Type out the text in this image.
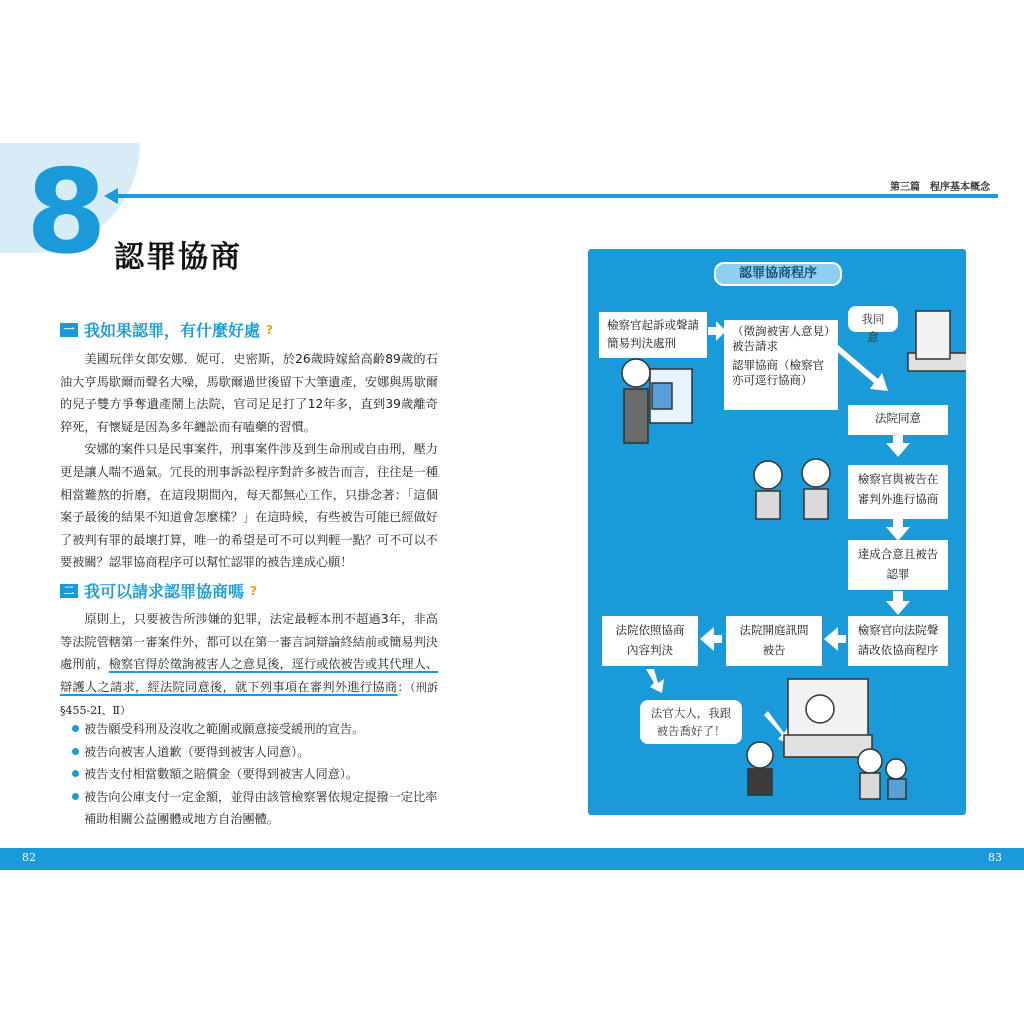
8	第三篇　程序基本概念
認罪協商
一 我如果認罪，有什麼好處 ?

美國玩伴女郎安娜．妮可．史密斯，於26歲時嫁給高齡89歲的石油大亨馬歇爾而聲名大噪，馬歇爾過世後留下大筆遺產，安娜與馬歇爾的兒子雙方爭奪遺產鬧上法院，官司足足打了12年多，直到39歲離奇猝死，有懷疑是因為多年纏訟而有嗑藥的習慣。

安娜的案件只是民事案件，刑事案件涉及到生命刑或自由刑，壓力更是讓人喘不過氣。冗長的刑事訴訟程序對許多被告而言，往往是一種相當難熬的折磨，在這段期間內，每天都無心工作，只掛念著：「這個案子最後的結果不知道會怎麼樣？」在這時候，有些被告可能已經做好了被判有罪的最壞打算，唯一的希望是可不可以判輕一點？可不可以不要被關？認罪協商程序可以幫忙認罪的被告達成心願！

二 我可以請求認罪協商嗎 ?

原則上，只要被告所涉嫌的犯罪，法定最輕本刑不超過3年，非高等法院管轄第一審案件外，都可以在第一審言詞辯論終結前或簡易判決處刑前，檢察官得於徵詢被害人之意見後，逕行或依被告或其代理人、辯護人之請求，經法院同意後，就下列事項在審判外進行協商：（刑訴§455-2Ⅰ、Ⅱ）

被告願受科刑及沒收之範圍或願意接受緩刑的宣告。
被告向被害人道歉（要得到被害人同意）。
被告支付相當數額之賠償金（要得到被害人同意）。
被告向公庫支付一定金額，並得由該管檢察署依規定提撥一定比率補助相關公益團體或地方自治團體。
認罪協商程序
檢察官起訴或聲請簡易判決處刑
（徵詢被害人意見）
被告請求
認罪協商（檢察官亦可逕行協商）
我同意
法院同意
檢察官與被告在審判外進行協商
達成合意且被告認罪
檢察官向法院聲請改依協商程序
法院開庭訊問被告
法院依照協商內容判決
法官大人，我跟被告喬好了！
82	83
